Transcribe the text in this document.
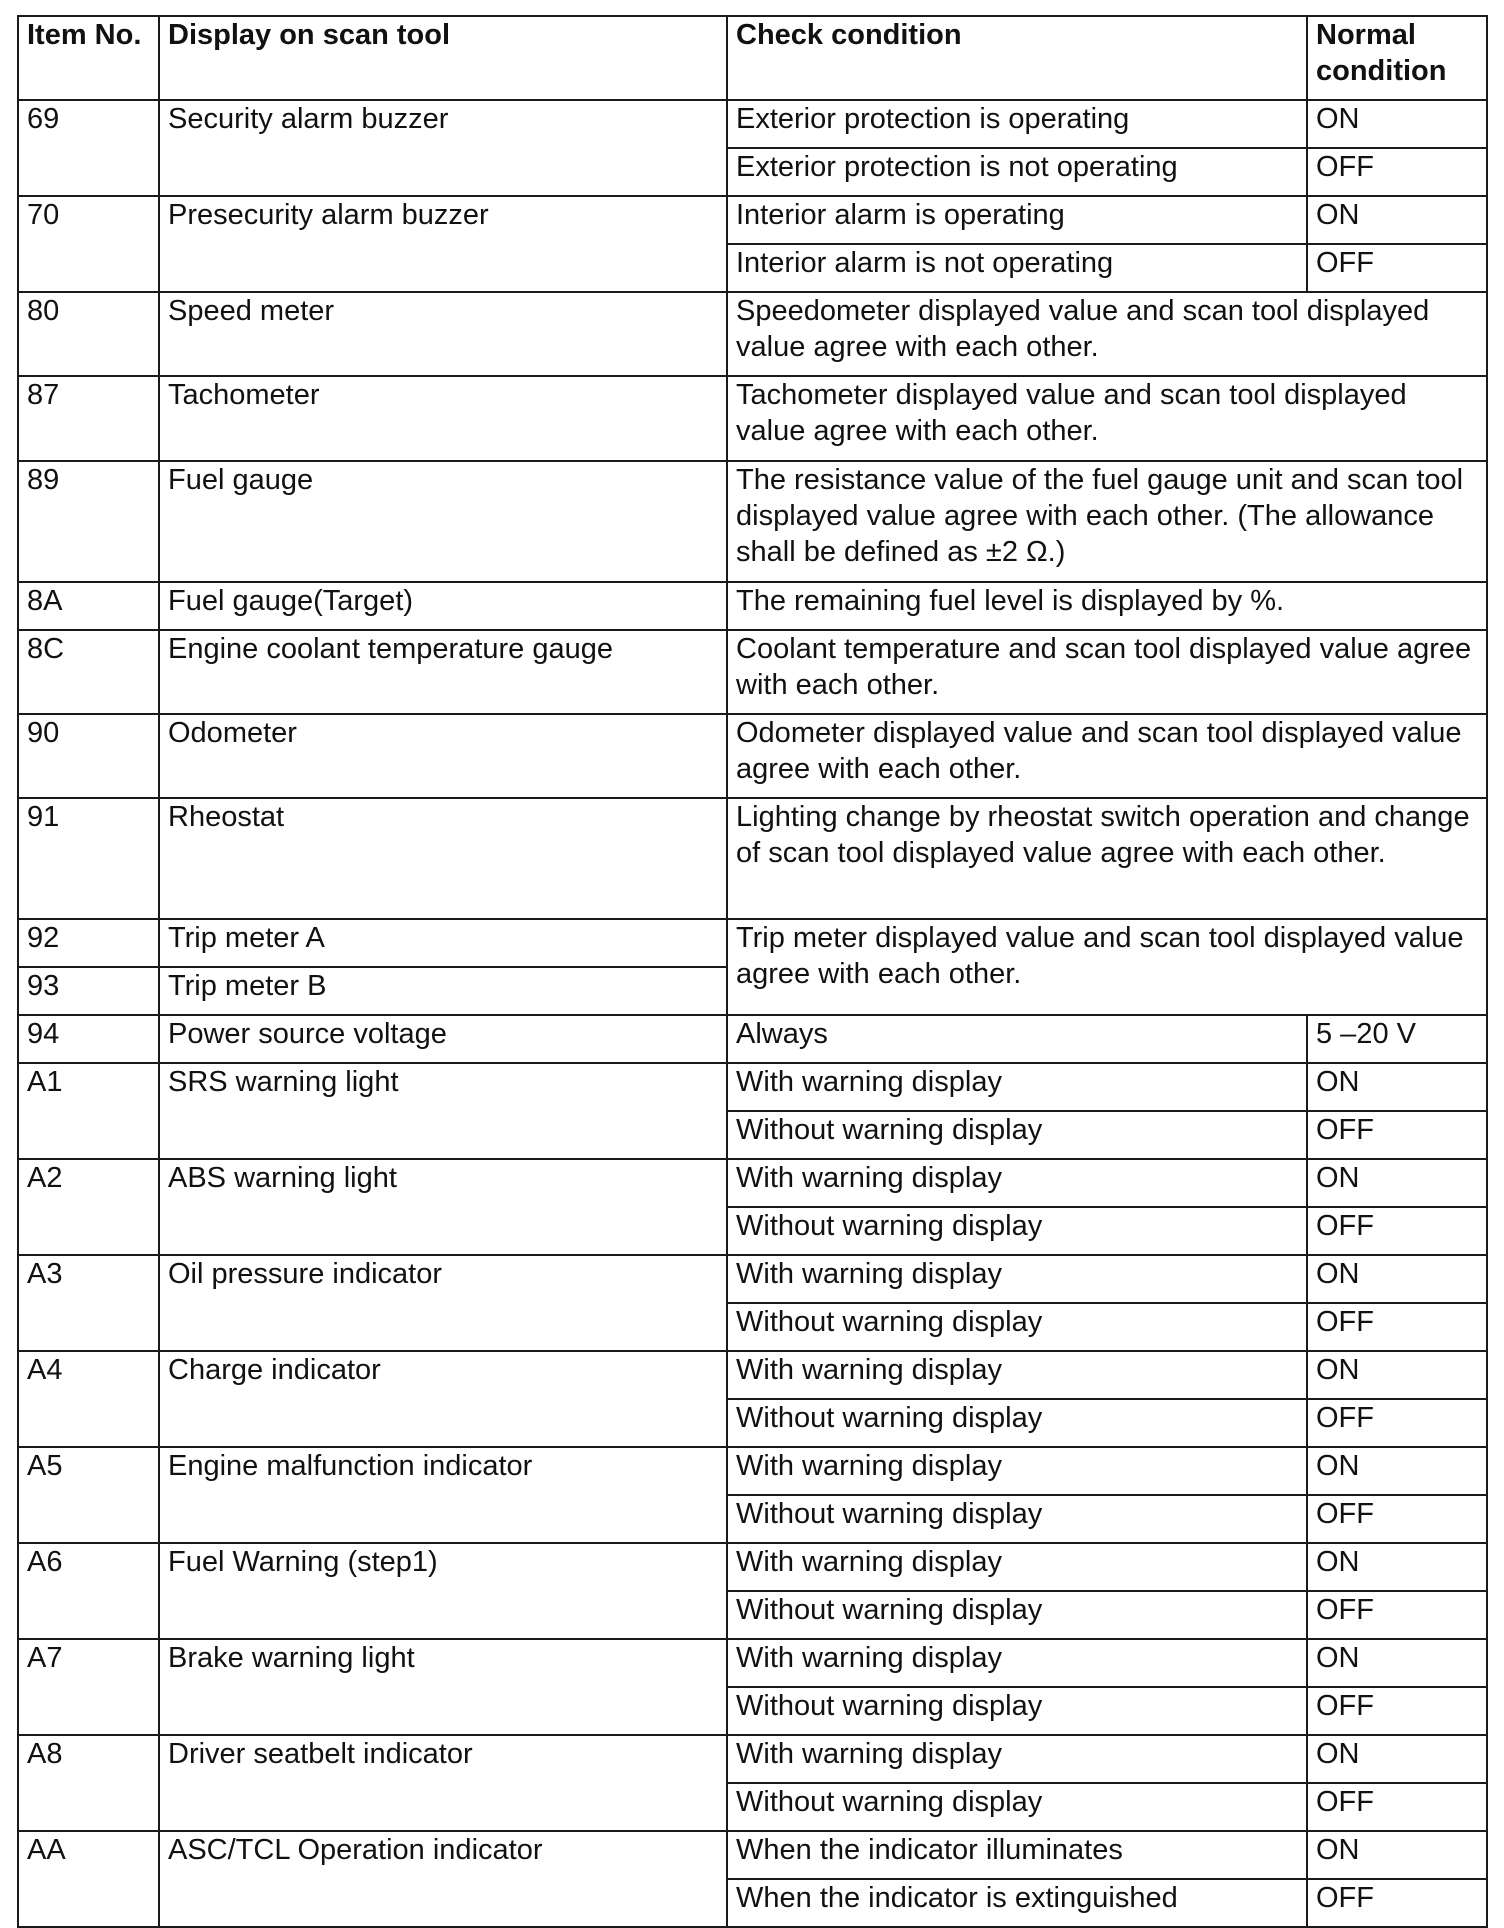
Item No.	Display on scan tool	Check condition	Normal condition
69	Security alarm buzzer	Exterior protection is operating	ON
		Exterior protection is not operating	OFF
70	Presecurity alarm buzzer	Interior alarm is operating	ON
		Interior alarm is not operating	OFF
80	Speed meter	Speedometer displayed value and scan tool displayed value agree with each other.	
87	Tachometer	Tachometer displayed value and scan tool displayed value agree with each other.	
89	Fuel gauge	The resistance value of the fuel gauge unit and scan tool displayed value agree with each other. (The allowance shall be defined as ±2 Ω.)	
8A	Fuel gauge(Target)	The remaining fuel level is displayed by %.	
8C	Engine coolant temperature gauge	Coolant temperature and scan tool displayed value agree with each other.	
90	Odometer	Odometer displayed value and scan tool displayed value agree with each other.	
91	Rheostat	Lighting change by rheostat switch operation and change of scan tool displayed value agree with each other.	
92	Trip meter A	Trip meter displayed value and scan tool displayed value agree with each other.	
93	Trip meter B		
94	Power source voltage	Always	5 –20 V
A1	SRS warning light	With warning display	ON
		Without warning display	OFF
A2	ABS warning light	With warning display	ON
		Without warning display	OFF
A3	Oil pressure indicator	With warning display	ON
		Without warning display	OFF
A4	Charge indicator	With warning display	ON
		Without warning display	OFF
A5	Engine malfunction indicator	With warning display	ON
		Without warning display	OFF
A6	Fuel Warning (step1)	With warning display	ON
		Without warning display	OFF
A7	Brake warning light	With warning display	ON
		Without warning display	OFF
A8	Driver seatbelt indicator	With warning display	ON
		Without warning display	OFF
AA	ASC/TCL Operation indicator	When the indicator illuminates	ON
		When the indicator is extinguished	OFF
